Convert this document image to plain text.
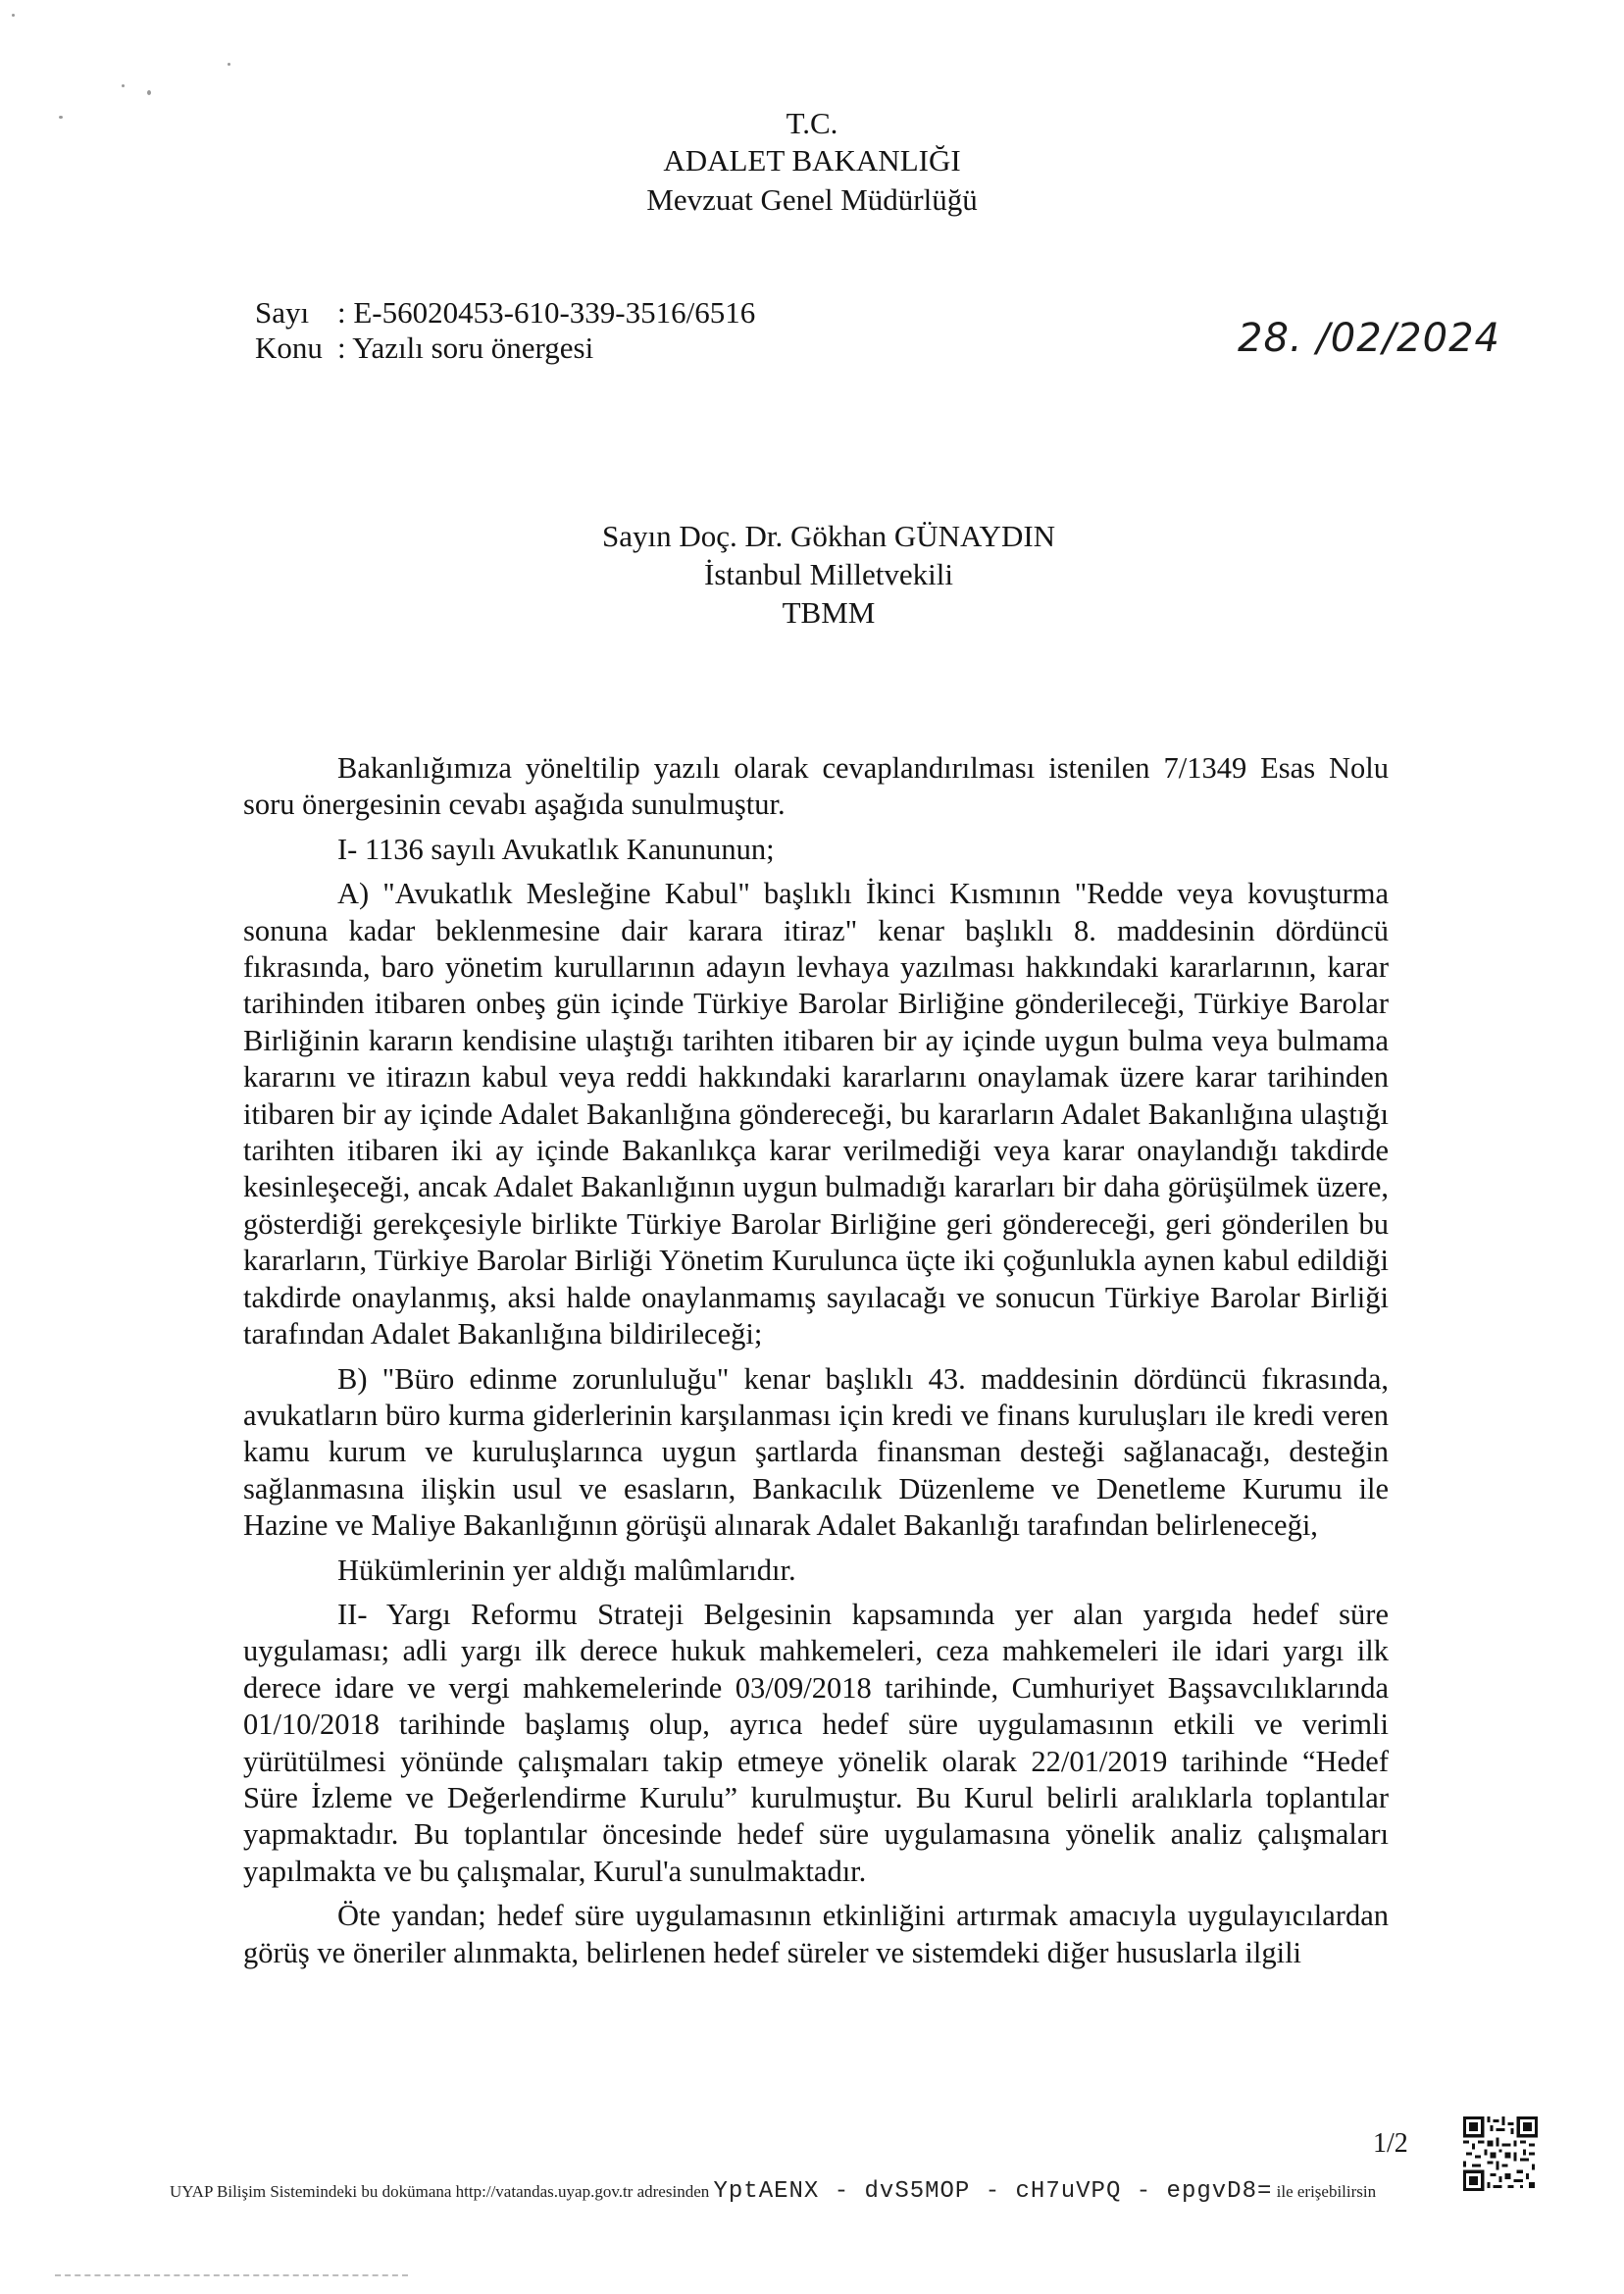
T.C.
ADALET BAKANLIĞI
Mevzuat Genel Müdürlüğü
Sayı : E-56020453-610-339-3516/6516
Konu : Yazılı soru önergesi	28. /02/2024
Sayın Doç. Dr. Gökhan GÜNAYDIN
İstanbul Milletvekili
TBMM

Bakanlığımıza yöneltilip yazılı olarak cevaplandırılması istenilen 7/1349 Esas Nolu soru önergesinin cevabı aşağıda sunulmuştur.

I- 1136 sayılı Avukatlık Kanununun;

A) "Avukatlık Mesleğine Kabul" başlıklı İkinci Kısmının "Redde veya kovuşturma sonuna kadar beklenmesine dair karara itiraz" kenar başlıklı 8. maddesinin dördüncü fıkrasında, baro yönetim kurullarının adayın levhaya yazılması hakkındaki kararlarının, karar tarihinden itibaren onbeş gün içinde Türkiye Barolar Birliğine gönderileceği, Türkiye Barolar Birliğinin kararın kendisine ulaştığı tarihten itibaren bir ay içinde uygun bulma veya bulmama kararını ve itirazın kabul veya reddi hakkındaki kararlarını onaylamak üzere karar tarihinden itibaren bir ay içinde Adalet Bakanlığına göndereceği, bu kararların Adalet Bakanlığına ulaştığı tarihten itibaren iki ay içinde Bakanlıkça karar verilmediği veya karar onaylandığı takdirde kesinleşeceği, ancak Adalet Bakanlığının uygun bulmadığı kararları bir daha görüşülmek üzere, gösterdiği gerekçesiyle birlikte Türkiye Barolar Birliğine geri göndereceği, geri gönderilen bu kararların, Türkiye Barolar Birliği Yönetim Kurulunca üçte iki çoğunlukla aynen kabul edildiği takdirde onaylanmış, aksi halde onaylanmamış sayılacağı ve sonucun Türkiye Barolar Birliği tarafından Adalet Bakanlığına bildirileceği;

B) "Büro edinme zorunluluğu" kenar başlıklı 43. maddesinin dördüncü fıkrasında, avukatların büro kurma giderlerinin karşılanması için kredi ve finans kuruluşları ile kredi veren kamu kurum ve kuruluşlarınca uygun şartlarda finansman desteği sağlanacağı, desteğin sağlanmasına ilişkin usul ve esasların, Bankacılık Düzenleme ve Denetleme Kurumu ile Hazine ve Maliye Bakanlığının görüşü alınarak Adalet Bakanlığı tarafından belirleneceği,

Hükümlerinin yer aldığı malûmlarıdır.

II- Yargı Reformu Strateji Belgesinin kapsamında yer alan yargıda hedef süre uygulaması; adli yargı ilk derece hukuk mahkemeleri, ceza mahkemeleri ile idari yargı ilk derece idare ve vergi mahkemelerinde 03/09/2018 tarihinde, Cumhuriyet Başsavcılıklarında 01/10/2018 tarihinde başlamış olup, ayrıca hedef süre uygulamasının etkili ve verimli yürütülmesi yönünde çalışmaları takip etmeye yönelik olarak 22/01/2019 tarihinde “Hedef Süre İzleme ve Değerlendirme Kurulu” kurulmuştur. Bu Kurul belirli aralıklarla toplantılar yapmaktadır. Bu toplantılar öncesinde hedef süre uygulamasına yönelik analiz çalışmaları yapılmakta ve bu çalışmalar, Kurul'a sunulmaktadır.

Öte yandan; hedef süre uygulamasının etkinliğini artırmak amacıyla uygulayıcılardan görüş ve öneriler alınmakta, belirlenen hedef süreler ve sistemdeki diğer hususlarla ilgili

1/2
UYAP Bilişim Sistemindeki bu dokümana http://vatandas.uyap.gov.tr adresinden YptAENX - dvS5MOP - cH7uVPQ - epgvD8= ile erişebilirsin
